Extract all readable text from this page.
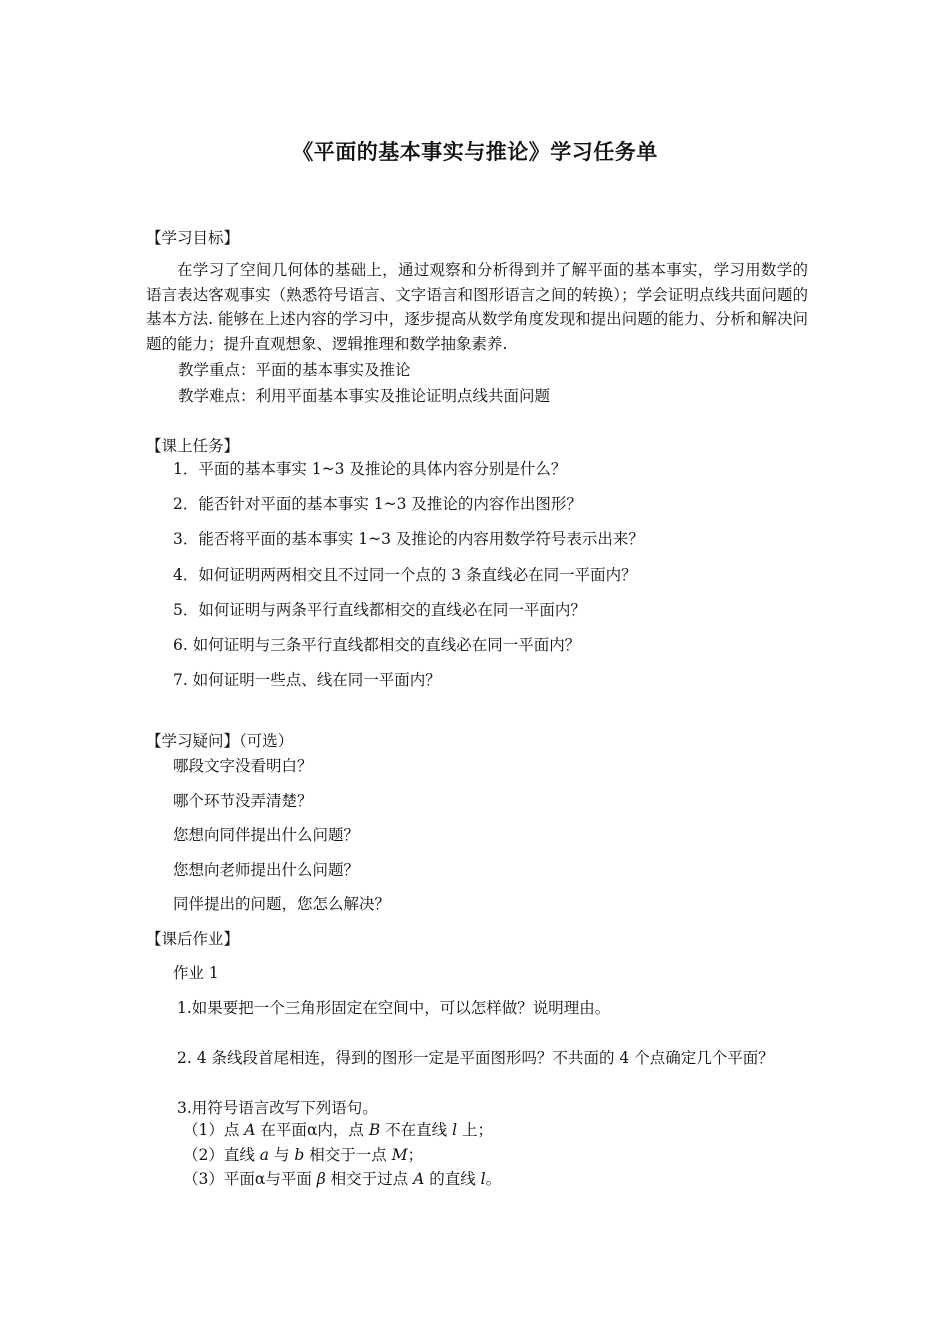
《平面的基本事实与推论》学习任务单
【学习目标】

在学习了空间几何体的基础上，通过观察和分析得到并了解平面的基本事实，学习用数学的语言表达客观事实（熟悉符号语言、文字语言和图形语言之间的转换）；学会证明点线共面问题的基本方法. 能够在上述内容的学习中，逐步提高从数学角度发现和提出问题的能力、分析和解决问题的能力；提升直观想象、逻辑推理和数学抽象素养.

教学重点：平面的基本事实及推论
教学难点：利用平面基本事实及推论证明点线共面问题
【课上任务】
1．平面的基本事实 1~3 及推论的具体内容分别是什么？
2．能否针对平面的基本事实 1~3 及推论的内容作出图形？
3．能否将平面的基本事实 1~3 及推论的内容用数学符号表示出来？
4．如何证明两两相交且不过同一个点的 3 条直线必在同一平面内？
5．如何证明与两条平行直线都相交的直线必在同一平面内？
6. 如何证明与三条平行直线都相交的直线必在同一平面内？
7. 如何证明一些点、线在同一平面内？
【学习疑问】（可选）
哪段文字没看明白？
哪个环节没弄清楚？
您想向同伴提出什么问题？
您想向老师提出什么问题？
同伴提出的问题，您怎么解决？
【课后作业】
作业 1
1.如果要把一个三角形固定在空间中，可以怎样做？说明理由。
2. 4 条线段首尾相连，得到的图形一定是平面图形吗？不共面的 4 个点确定几个平面？
3.用符号语言改写下列语句。
（1）点 A 在平面α内，点 B 不在直线 l 上；
（2）直线 a 与 b 相交于一点 M；
（3）平面α与平面 β 相交于过点 A 的直线 l。
